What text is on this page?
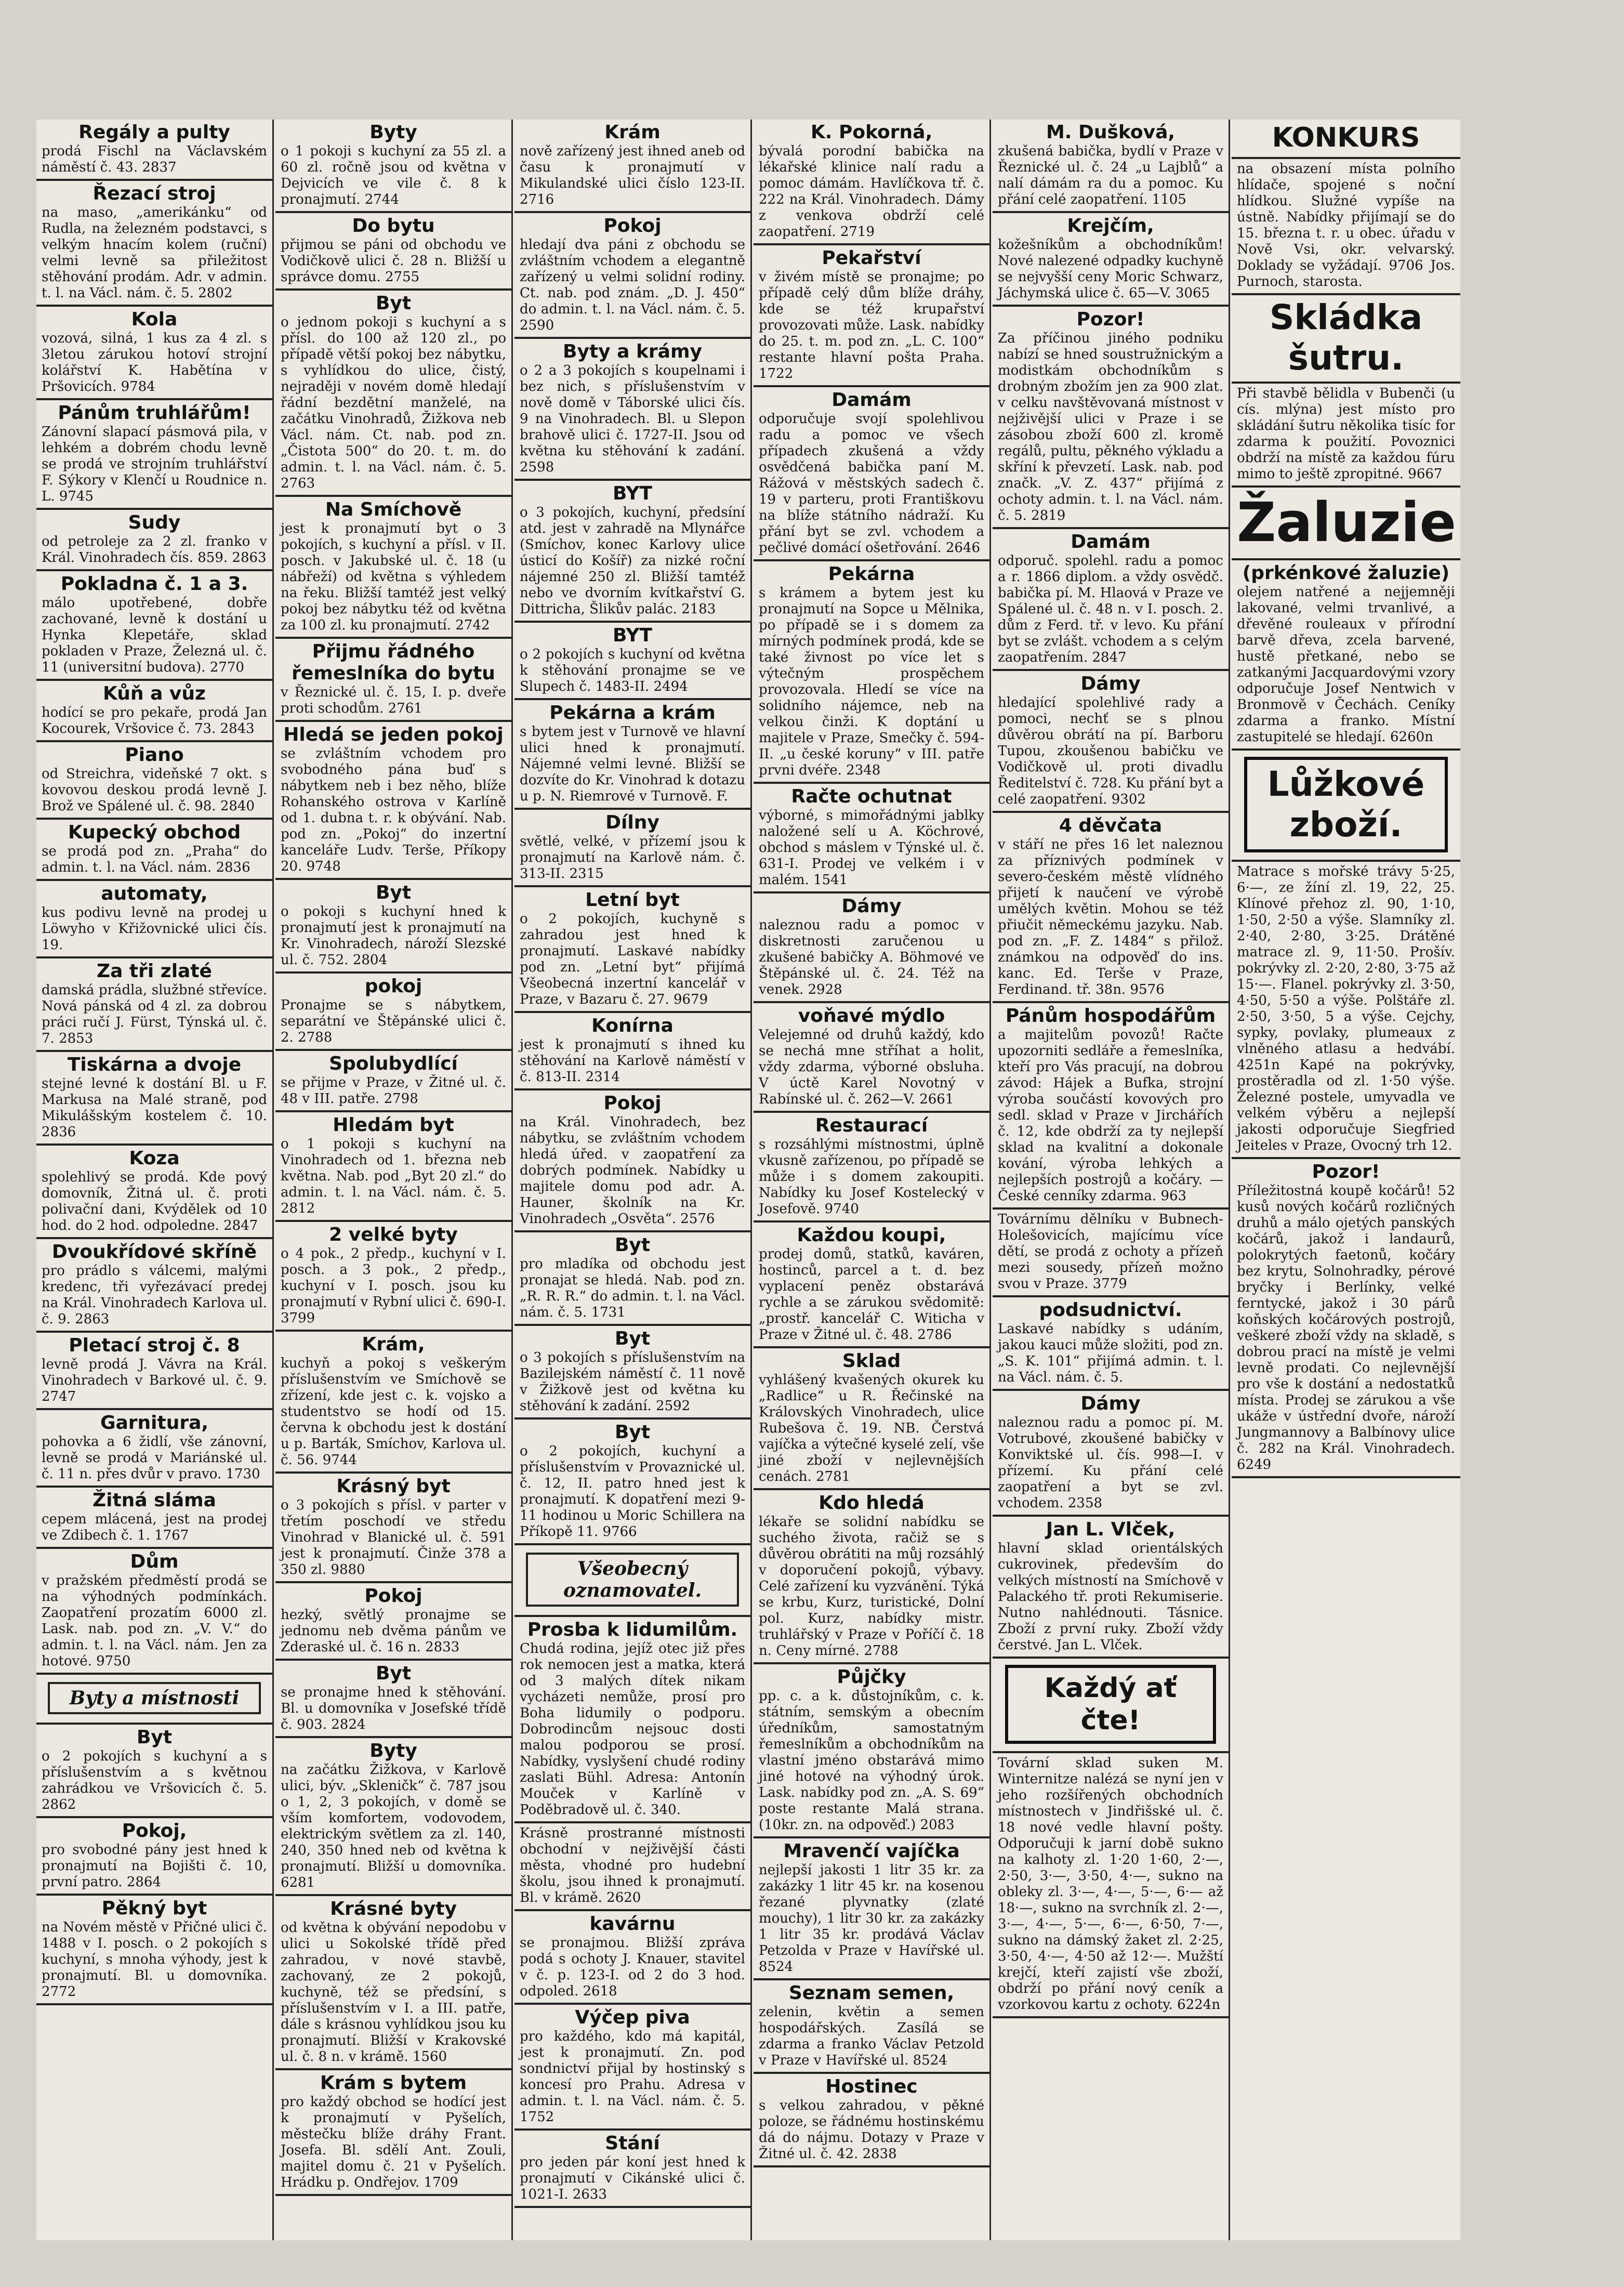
Regály a pulty

prodá Fischl na Václavském náměstí č. 43. 2837

Řezací stroj

na maso, „amerikánku“ od Rudla, na železném podstavci, s velkým hnacím kolem (ruční) velmi levně sa přiležitost stěhování prodám. Adr. v admin. t. l. na Václ. nám. č. 5. 2802

Kola

vozová, silná, 1 kus za 4 zl. s 3letou zárukou hotoví strojní kolářství K. Habětína v Pršovicích. 9784

Pánům truhlářům!

Zánovní slapací pásmová pila, v lehkém a dobrém chodu levně se prodá ve strojním truhlářství F. Sýkory v Klenčí u Roudnice n. L. 9745

Sudy

od petroleje za 2 zl. franko v Král. Vinohradech čís. 859. 2863

Pokladna č. 1 a 3.

málo upotřebené, dobře zachované, levně k dostání u Hynka Klepetáře, sklad pokladen v Praze, Železná ul. č. 11 (universitní budova). 2770

Kůň a vůz

hodící se pro pekaře, prodá Jan Kocourek, Vršovice č. 73. 2843

Piano

od Streichra, videňské 7 okt. s kovovou deskou prodá levně J. Brož ve Spálené ul. č. 98. 2840

Kupecký obchod

se prodá pod zn. „Praha“ do admin. t. l. na Václ. nám. 2836

automaty,

kus podivu levně na prodej u Löwyho v Křižovnické ulici čís. 19.

Za tři zlaté

damská prádla, službné střevíce. Nová pánská od 4 zl. za dobrou práci ručí J. Fürst, Týnská ul. č. 7. 2853

Tiskárna a dvoje

stejné levné k dostání Bl. u F. Markusa na Malé straně, pod Mikulášským kostelem č. 10. 2836

Koza

spolehlivý se prodá. Kde pový domovník, Žitná ul. č. proti polivační dani, Kvýdělek od 10 hod. do 2 hod. odpoledne. 2847

Dvoukřídové skříně

pro prádlo s válcemi, malými kredenc, tři vyřezávací predej na Král. Vinohradech Karlova ul. č. 9. 2863

Pletací stroj č. 8

levně prodá J. Vávra na Král. Vinohradech v Barkové ul. č. 9. 2747

Garnitura,

pohovka a 6 židlí, vše zánovní, levně se prodá v Mariánské ul. č. 11 n. přes dvůr v pravo. 1730

Žitná sláma

cepem mlácená, jest na prodej ve Zdibech č. 1. 1767

Dům

v pražském předměstí prodá se na výhodných podmínkách. Zaopatření prozatím 6000 zl. Lask. nab. pod zn. „V. V.“ do admin. t. l. na Václ. nám. Jen za hotové. 9750

Byty a místnosti

Byt

o 2 pokojích s kuchyní a s příslušenstvím a s květnou zahrádkou ve Vršovicích č. 5. 2862

Pokoj,

pro svobodné pány jest hned k pronajmutí na Bojišti č. 10, první patro. 2864

Pěkný byt

na Novém městě v Přičné ulici č. 1488 v I. posch. o 2 pokojích s kuchyní, s mnoha výhody, jest k pronajmutí. Bl. u domovníka. 2772

Byty

o 1 pokoji s kuchyní za 55 zl. a 60 zl. ročně jsou od května v Dejvicích ve vile č. 8 k pronajmutí. 2744

Do bytu

přijmou se páni od obchodu ve Vodičkově ulici č. 28 n. Bližší u správce domu. 2755

Byt

o jednom pokoji s kuchyní a s přísl. do 100 až 120 zl., po případě větší pokoj bez nábytku, s vyhlídkou do ulice, čistý, nejraději v novém domě hledají řádní bezdětní manželé, na začátku Vinohradů, Žižkova neb Václ. nám. Ct. nab. pod zn. „Čistota 500“ do 20. t. m. do admin. t. l. na Václ. nám. č. 5. 2763

Na Smíchově

jest k pronajmutí byt o 3 pokojích, s kuchyní a přísl. v II. posch. v Jakubské ul. č. 18 (u nábřeží) od května s výhledem na řeku. Bližší tamtéž jest velký pokoj bez nábytku též od května za 100 zl. ku pronajmutí. 2742

Přijmu řádného řemeslníka do bytu

v Řeznické ul. č. 15, I. p. dveře proti schodům. 2761

Hledá se jeden pokoj

se zvláštním vchodem pro svobodného pána buď s nábytkem neb i bez něho, blíže Rohanského ostrova v Karlíně od 1. dubna t. r. k obývání. Nab. pod zn. „Pokoj“ do inzertní kanceláře Ludv. Terše, Příkopy 20. 9748

Byt

o pokoji s kuchyní hned k pronajmutí jest k pronajmutí na Kr. Vinohradech, nároží Slezské ul. č. 752. 2804

pokoj

Pronajme se s nábytkem, separátní ve Štěpánské ulici č. 2. 2788

Spolubydlící

se přijme v Praze, v Žitné ul. č. 48 v III. patře. 2798

Hledám byt

o 1 pokoji s kuchyní na Vinohradech od 1. března neb května. Nab. pod „Byt 20 zl.“ do admin. t. l. na Václ. nám. č. 5. 2812

2 velké byty

o 4 pok., 2 předp., kuchyní v I. posch. a 3 pok., 2 předp., kuchyní v I. posch. jsou ku pronajmutí v Rybní ulici č. 690-I. 3799

Krám,

kuchyň a pokoj s veškerým příslušenstvím ve Smíchově se zřízení, kde jest c. k. vojsko a studentstvo se hodí od 15. června k obchodu jest k dostání u p. Barták, Smíchov, Karlova ul. č. 56. 9744

Krásný byt

o 3 pokojích s přísl. v parter v třetím poschodí ve středu Vinohrad v Blanické ul. č. 591 jest k pronajmutí. Činže 378 a 350 zl. 9880

Pokoj

hezký, světlý pronajme se jednomu neb dvěma pánům ve Zderaské ul. č. 16 n. 2833

Byt

se pronajme hned k stěhování. Bl. u domovníka v Josefské třídě č. 903. 2824

Byty

na začátku Žižkova, v Karlově ulici, býv. „Skleničk“ č. 787 jsou o 1, 2, 3 pokojích, v domě se vším komfortem, vodovodem, elektrickým světlem za zl. 140, 240, 350 hned neb od května k pronajmutí. Bližší u domovníka. 6281

Krásné byty

od května k obývání nepodobu v ulici u Sokolské třídě před zahradou, v nové stavbě, zachovaný, ze 2 pokojů, kuchyně, též se předsíní, s příslušenstvím v I. a III. patře, dále s krásnou vyhlídkou jsou ku pronajmutí. Bližší v Krakovské ul. č. 8 n. v krámě. 1560

Krám s bytem

pro každý obchod se hodící jest k pronajmutí v Pyšelích, městečku blíže dráhy Frant. Josefa. Bl. sdělí Ant. Zouli, majitel domu č. 21 v Pyšelích. Hrádku p. Ondřejov. 1709

Krám

nově zařízený jest ihned aneb od času k pronajmutí v Mikulandské ulici číslo 123-II. 2716

Pokoj

hledají dva páni z obchodu se zvláštním vchodem a elegantně zařízený u velmi solidní rodiny. Ct. nab. pod znám. „D. J. 450“ do admin. t. l. na Václ. nám. č. 5. 2590

Byty a krámy

o 2 a 3 pokojích s koupelnami i bez nich, s příslušenstvím v nově domě v Táborské ulici čís. 9 na Vinohradech. Bl. u Slepon brahově ulici č. 1727-II. Jsou od května ku stěhování k zadání. 2598

BYT

o 3 pokojích, kuchyní, předsíní atd. jest v zahradě na Mlynářce (Smíchov, konec Karlovy ulice ústicí do Košíř) za nizké roční nájemné 250 zl. Bližší tamtéž nebo ve dvorním kvítkařství G. Dittricha, Šlikův palác. 2183

BYT

o 2 pokojích s kuchyní od května k stěhování pronajme se ve Slupech č. 1483-II. 2494

Pekárna a krám

s bytem jest v Turnově ve hlavní ulici hned k pronajmutí. Nájemné velmi levné. Bližší se dozvíte do Kr. Vinohrad k dotazu u p. N. Riemrové v Turnově. F.

Dílny

světlé, velké, v přízemí jsou k pronajmutí na Karlově nám. č. 313-II. 2315

Letní byt

o 2 pokojích, kuchyně s zahradou jest hned k pronajmutí. Laskavé nabídky pod zn. „Letní byt“ přijímá Všeobecná inzertní kancelář v Praze, v Bazaru č. 27. 9679

Konírna

jest k pronajmutí s ihned ku stěhování na Karlově náměstí v č. 813-II. 2314

Pokoj

na Král. Vinohradech, bez nábytku, se zvláštním vchodem hledá úřed. v zaopatření za dobrých podmínek. Nabídky u majitele domu pod adr. A. Hauner, školník na Kr. Vinohradech „Osvěta“. 2576

Byt

pro mladíka od obchodu jest pronajat se hledá. Nab. pod zn. „R. R. R.“ do admin. t. l. na Václ. nám. č. 5. 1731

Byt

o 3 pokojích s příslušenstvím na Bazilejském náměstí č. 11 nově v Žižkově jest od května ku stěhování k zadání. 2592

Byt

o 2 pokojích, kuchyní a příslušenstvím v Provaznické ul. č. 12, II. patro hned jest k pronajmutí. K dopatření mezi 9-11 hodinou u Moric Schillera na Příkopě 11. 9766

Všeobecný oznamovatel.

Prosba k lidumilům.

Chudá rodina, jejíž otec již přes rok nemocen jest a matka, která od 3 malých dítek nikam vycházeti nemůže, prosí pro Boha lidumily o podporu. Dobrodincům nejsouc dosti malou podporou se prosí. Nabídky, vyslyšení chudé rodiny zaslati Bühl. Adresa: Antonín Mouček v Karlíně v Poděbradově ul. č. 340.

Krásně prostranné místnosti obchodní v nejživější části města, vhodné pro hudební školu, jsou ihned k pronajmutí. Bl. v krámě. 2620

kavárnu

se pronajmou. Bližší zpráva podá s ochoty J. Knauer, stavitel v č. p. 123-I. od 2 do 3 hod. odpoled. 2618

Výčep piva

pro každého, kdo má kapitál, jest k pronajmutí. Zn. pod sondnictví přijal by hostinský s koncesí pro Prahu. Adresa v admin. t. l. na Václ. nám. č. 5. 1752

Stání

pro jeden pár koní jest hned k pronajmutí v Cikánské ulici č. 1021-I. 2633

K. Pokorná,

bývalá porodní babička na lékařské klinice nalí radu a pomoc dámám. Havlíčkova tř. č. 222 na Král. Vinohradech. Dámy z venkova obdrží celé zaopatření. 2719

Pekařství

v živém místě se pronajme; po případě celý dům blíže dráhy, kde se též krupařství provozovati může. Lask. nabídky do 25. t. m. pod zn. „L. C. 100“ restante hlavní pošta Praha. 1722

Damám

odporučuje svojí spolehlivou radu a pomoc ve všech případech zkušená a vždy osvědčená babička paní M. Rážová v městských sadech č. 19 v parteru, proti Františkovu na blíže státního nádraží. Ku přání byt se zvl. vchodem a pečlivé domácí ošetřování. 2646

Pekárna

s krámem a bytem jest ku pronajmutí na Sopce u Mělnika, po případě se i s domem za mírných podmínek prodá, kde se také živnost po více let s výtečným prospěchem provozovala. Hledí se více na solidního nájemce, neb na velkou činži. K doptání u majitele v Praze, Smečky č. 594-II. „u české koruny“ v III. patře prvni dvéře. 2348

Račte ochutnat

výborné, s mimořádnými jablky naložené selí u A. Köchrové, obchod s máslem v Týnské ul. č. 631-I. Prodej ve velkém i v malém. 1541

Dámy

naleznou radu a pomoc v diskretnosti zaručenou u zkušené babičky A. Böhmové ve Štěpánské ul. č. 24. Též na venek. 2928

voňavé mýdlo

Velejemné od druhů každý, kdo se nechá mne stříhat a holit, vždy zdarma, výborné obsluha. V úctě Karel Novotný v Rabínské ul. č. 262—V. 2661

Restaurací

s rozsáhlými místnostmi, úplně vkusně zařízenou, po případě se může i s domem zakoupiti. Nabídky ku Josef Kostelecký v Josefově. 9740

Každou koupi,

prodej domů, statků, kaváren, hostinců, parcel a t. d. bez vyplacení peněz obstarává rychle a se zárukou svědomitě: „prostř. kancelář C. Witicha v Praze v Žitné ul. č. 48. 2786

Sklad

vyhlášený kvašených okurek ku „Radlice“ u R. Řečinské na Královských Vinohradech, ulice Rubešova č. 19. NB. Čerstvá vajíčka a výtečné kyselé zelí, vše jiné zboží v nejlevnějších cenách. 2781

Kdo hledá

lékaře se solidní nabídku se suchého života, račiž se s důvěrou obrátiti na můj rozsáhlý v doporučení pokojů, výbavy. Celé zařízení ku vyzvánění. Týká se krbu, Kurz, turistické, Dolní pol. Kurz, nabídky mistr. truhlářský v Praze v Poříčí č. 18 n. Ceny mírné. 2788

Půjčky

pp. c. a k. důstojníkům, c. k. státním, semským a obecním úředníkům, samostatným řemeslníkům a obchodníkům na vlastní jméno obstarává mimo jiné hotové na výhodný úrok. Lask. nabídky pod zn. „A. S. 69“ poste restante Malá strana. (10kr. zn. na odpověď.) 2083

Mravenčí vajíčka

nejlepší jakosti 1 litr 35 kr. za zakázky 1 litr 45 kr. na kosenou řezané plyvnatky (zlaté mouchy), 1 litr 30 kr. za zakázky 1 litr 35 kr. prodává Václav Petzolda v Praze v Havířské ul. 8524

Seznam semen,

zelenin, květin a semen hospodářských. Zasílá se zdarma a franko Václav Petzold v Praze v Havířské ul. 8524

Hostinec

s velkou zahradou, v pěkné poloze, se řádnému hostinskému dá do nájmu. Dotazy v Praze v Žitné ul. č. 42. 2838

M. Dušková,

zkušená babička, bydlí v Praze v Řeznické ul. č. 24 „u Lajblů“ a nalí dámám ra du a pomoc. Ku přání celé zaopatření. 1105

Krejčím,

kožešníkům a obchodníkům! Nové nalezené odpadky kuchyně se nejvyšší ceny Moric Schwarz, Jáchymská ulice č. 65—V. 3065

Pozor!

Za příčinou jiného podniku nabízí se hned soustružnickým a modistkám obchodníkům s drobným zbožím jen za 900 zlat. v celku navštěvovaná místnost v nejživější ulici v Praze i se zásobou zboží 600 zl. kromě regálů, pultu, pěkného výkladu a skříní k převzetí. Lask. nab. pod značk. „V. Z. 437“ přijímá z ochoty admin. t. l. na Václ. nám. č. 5. 2819

Damám

odporuč. spolehl. radu a pomoc a r. 1866 diplom. a vždy osvědč. babička pí. M. Hlaová v Praze ve Spálené ul. č. 48 n. v I. posch. 2. dům z Ferd. tř. v levo. Ku přání byt se zvlášt. vchodem a s celým zaopatřením. 2847

Dámy

hledající spolehlivé rady a pomoci, nechť se s plnou důvěrou obrátí na pí. Barboru Tupou, zkoušenou babičku ve Vodičkově ul. proti divadlu Ředitelství č. 728. Ku přání byt a celé zaopatření. 9302

4 děvčata

v stáří ne přes 16 let naleznou za příznivých podmínek v severo-českém městě vlídného přijetí k naučení ve výrobě umělých květin. Mohou se též přiučit německému jazyku. Nab. pod zn. „F. Z. 1484“ s přilož. známkou na odpověď do ins. kanc. Ed. Terše v Praze, Ferdinand. tř. 38n. 9576

Pánům hospodářům

a majitelům povozů! Račte upozorniti sedláře a řemeslníka, kteří pro Vás pracují, na dobrou závod: Hájek a Bufka, strojní výroba součástí kovových pro sedl. sklad v Praze v Jirchářích č. 12, kde obdrží za ty nejlepší sklad na kvalitní a dokonale kování, výroba lehkých a nejlepších postrojů a kočáry. — České cenníky zdarma. 963

Továrnímu dělníku v Bubnech-Holešovicích, majícímu více dětí, se prodá z ochoty a přízeň mezi sousedy, přízeň možno svou v Praze. 3779

podsudnictví.

Laskavé nabídky s udáním, jakou kauci může složiti, pod zn. „S. K. 101“ přijímá admin. t. l. na Václ. nám. č. 5.

Dámy

naleznou radu a pomoc pí. M. Votrubové, zkoušené babičky v Konviktské ul. čís. 998—I. v přízemí. Ku přání celé zaopatření a byt se zvl. vchodem. 2358

Jan L. Vlček,

hlavní sklad orientálských cukrovinek, především do velkých místností na Smíchově v Palackého tř. proti Rekumiserie. Nutno nahlédnouti. Tásnice. Zboží z první ruky. Zboží vždy čerstvé. Jan L. Vlček.

Každý ať čte!

Tovární sklad suken M. Winternitze nalézá se nyní jen v jeho rozšířených obchodních místnostech v Jindřišské ul. č. 18 nové vedle hlavní pošty. Odporučuji k jarní době sukno na kalhoty zl. 1·20 1·60, 2·—, 2·50, 3·—, 3·50, 4·—, sukno na obleky zl. 3·—, 4·—, 5·—, 6·— až 18·—, sukno na svrchník zl. 2·—, 3·—, 4·—, 5·—, 6·—, 6·50, 7·—, sukno na dámský žaket zl. 2·25, 3·50, 4·—, 4·50 až 12·—. Mužští krejčí, kteří zajistí vše zboží, obdrží po přání nový ceník a vzorkovou kartu z ochoty. 6224n

KONKURS

na obsazení místa polního hlídače, spojené s noční hlídkou. Služné vypíše na ústně. Nabídky přijímají se do 15. března t. r. u obec. úřadu v Nově Vsi, okr. velvarský. Doklady se vyžádají. 9706 Jos. Purnoch, starosta.

Skládka šutru.

Při stavbě bělidla v Bubenči (u cís. mlýna) jest místo pro skládání šutru několika tisíc for zdarma k použití. Povoznici obdrží na místě za každou fúru mimo to ještě zpropitné. 9667

Žaluzie

(prkénkové žaluzie)

olejem natřené a nejjemněji lakované, velmi trvanlivé, a dřevěné rouleaux v přírodní barvě dřeva, zcela barvené, hustě přetkané, nebo se zatkanými Jacquardovými vzory odporučuje Josef Nentwich v Bronmově v Čechách. Ceníky zdarma a franko. Místní zastupitelé se hledají. 6260n

Lůžkové zboží.

Matrace s mořské trávy 5·25, 6·—, ze žíní zl. 19, 22, 25. Klínové přehoz zl. 90, 1·10, 1·50, 2·50 a výše. Slamníky zl. 2·40, 2·80, 3·25. Drátěné matrace zl. 9, 11·50. Prošív. pokrývky zl. 2·20, 2·80, 3·75 až 15·—. Flanel. pokrývky zl. 3·50, 4·50, 5·50 a výše. Polštáře zl. 2·50, 3·50, 5 a výše. Cejchy, sypky, povlaky, plumeaux z vlněného atlasu a hedvábí. 4251n Kapé na pokrývky, prostěradla od zl. 1·50 výše. Železné postele, umyvadla ve velkém výběru a nejlepší jakosti odporučuje Siegfried Jeiteles v Praze, Ovocný trh 12.

Pozor!

Příležitostná koupě kočárů! 52 kusů nových kočárů rozličných druhů a málo ojetých panských kočárů, jakož i landaurů, polokrytých faetonů, kočáry bez krytu, Solnohradky, pérové bryčky i Berlínky, velké ferntycké, jakož i 30 párů koňských kočárových postrojů, veškeré zboží vždy na skladě, s dobrou prací na místě je velmi levně prodati. Co nejlevnější pro vše k dostání a nedostatků místa. Prodej se zárukou a vše ukáže v ústřední dvoře, nároží Jungmannovy a Balbínovy ulice č. 282 na Král. Vinohradech. 6249
